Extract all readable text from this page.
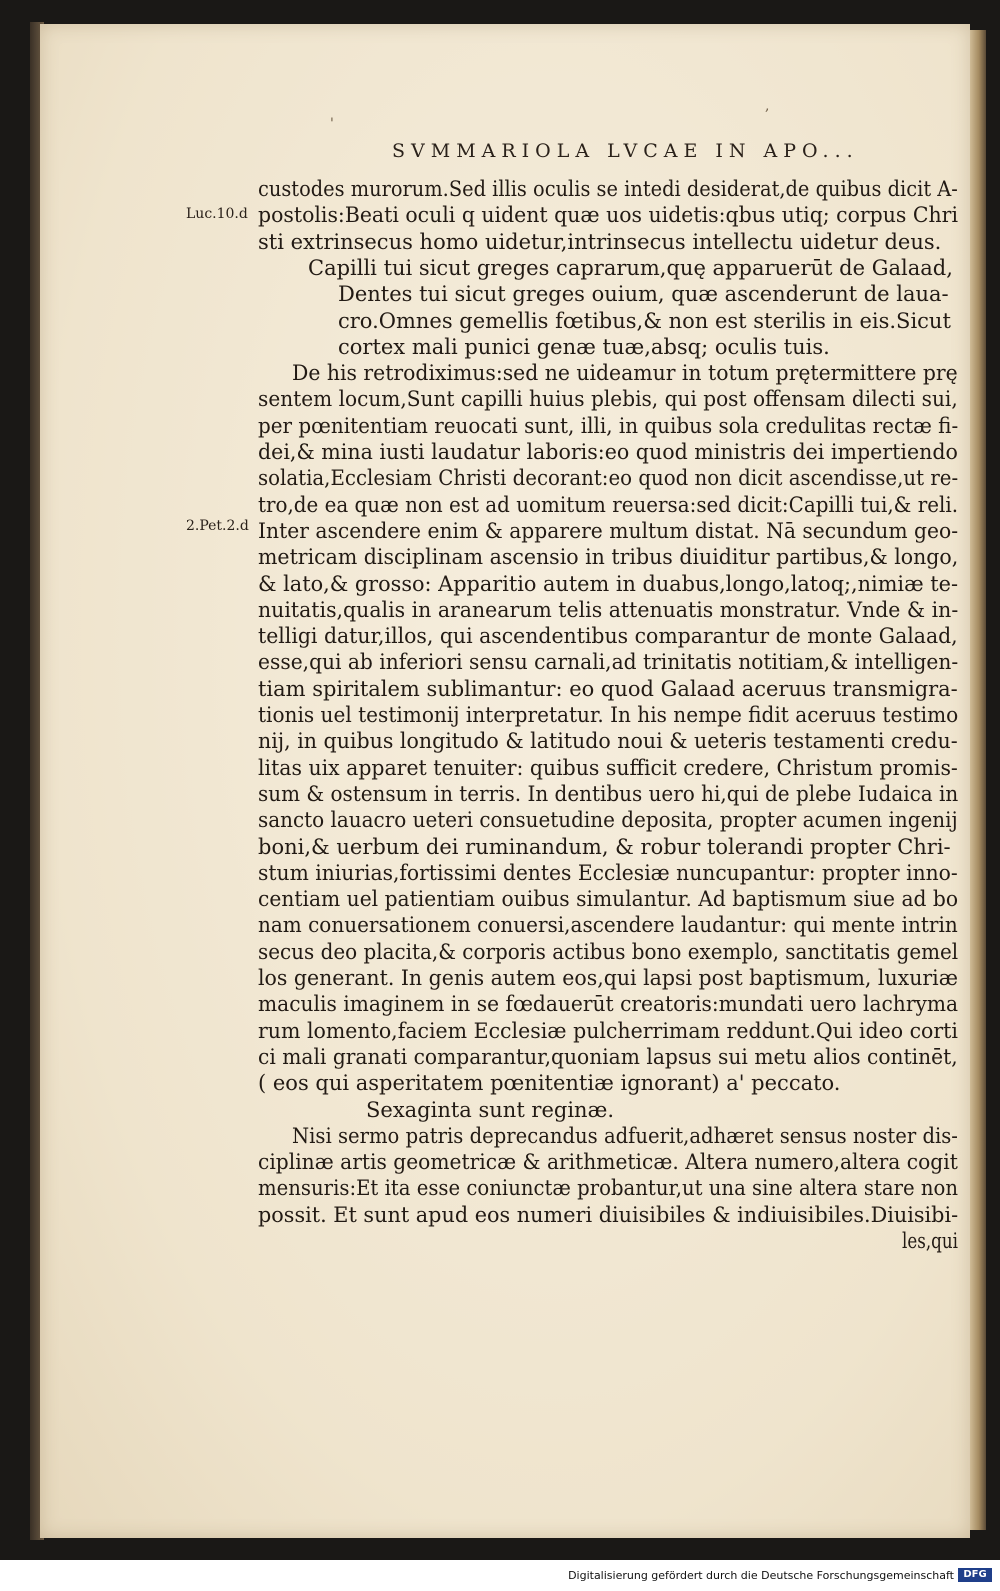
'
,
SVMMARIOLA LVCAE IN APO...
Luc.10.d
2.Pet.2.d
custodes murorum.Sed illis oculis se intedi desiderat,de quibus dicit A-
postolis:Beati oculi q uident quæ uos uidetis:qbus utiq; corpus Chri
sti extrinsecus homo uidetur,intrinsecus intellectu uidetur deus.
Capilli tui sicut greges caprarum,quę apparuerūt de Galaad,
Dentes tui sicut greges ouium, quæ ascenderunt de laua-
cro.Omnes gemellis fœtibus,& non est sterilis in eis.Sicut
cortex mali punici genæ tuæ,absq; oculis tuis.
De his retrodiximus:sed ne uideamur in totum prętermittere prę
sentem locum,Sunt capilli huius plebis, qui post offensam dilecti sui,
per pœnitentiam reuocati sunt, illi, in quibus sola credulitas rectæ fi-
dei,& mina iusti laudatur laboris:eo quod ministris dei impertiendo
solatia,Ecclesiam Christi decorant:eo quod non dicit ascendisse,ut re-
tro,de ea quæ non est ad uomitum reuersa:sed dicit:Capilli tui,& reli.
Inter ascendere enim & apparere multum distat. Nā secundum geo-
metricam disciplinam ascensio in tribus diuiditur partibus,& longo,
& lato,& grosso: Apparitio autem in duabus,longo,latoq;,nimiæ te-
nuitatis,qualis in aranearum telis attenuatis monstratur. Vnde & in-
telligi datur,illos, qui ascendentibus comparantur de monte Galaad,
esse,qui ab inferiori sensu carnali,ad trinitatis notitiam,& intelligen-
tiam spiritalem sublimantur: eo quod Galaad aceruus transmigra-
tionis uel testimonij interpretatur. In his nempe fidit aceruus testimo
nij, in quibus longitudo & latitudo noui & ueteris testamenti credu-
litas uix apparet tenuiter: quibus sufficit credere, Christum promis-
sum & ostensum in terris. In dentibus uero hi,qui de plebe Iudaica in
sancto lauacro ueteri consuetudine deposita, propter acumen ingenij
boni,& uerbum dei ruminandum, & robur tolerandi propter Chri-
stum iniurias,fortissimi dentes Ecclesiæ nuncupantur: propter inno-
centiam uel patientiam ouibus simulantur. Ad baptismum siue ad bo
nam conuersationem conuersi,ascendere laudantur: qui mente intrin
secus deo placita,& corporis actibus bono exemplo, sanctitatis gemel
los generant. In genis autem eos,qui lapsi post baptismum, luxuriæ
maculis imaginem in se fœdauerūt creatoris:mundati uero lachryma
rum lomento,faciem Ecclesiæ pulcherrimam reddunt.Qui ideo corti
ci mali granati comparantur,quoniam lapsus sui metu alios continēt,
( eos qui asperitatem pœnitentiæ ignorant) a' peccato.
Sexaginta sunt reginæ.
Nisi sermo patris deprecandus adfuerit,adhæret sensus noster dis-
ciplinæ artis geometricæ & arithmeticæ. Altera numero,altera cogit
mensuris:Et ita esse coniunctæ probantur,ut una sine altera stare non
possit. Et sunt apud eos numeri diuisibiles & indiuisibiles.Diuisibi-
les,qui
Digitalisierung gefördert durch die Deutsche Forschungsgemeinschaft DFG
